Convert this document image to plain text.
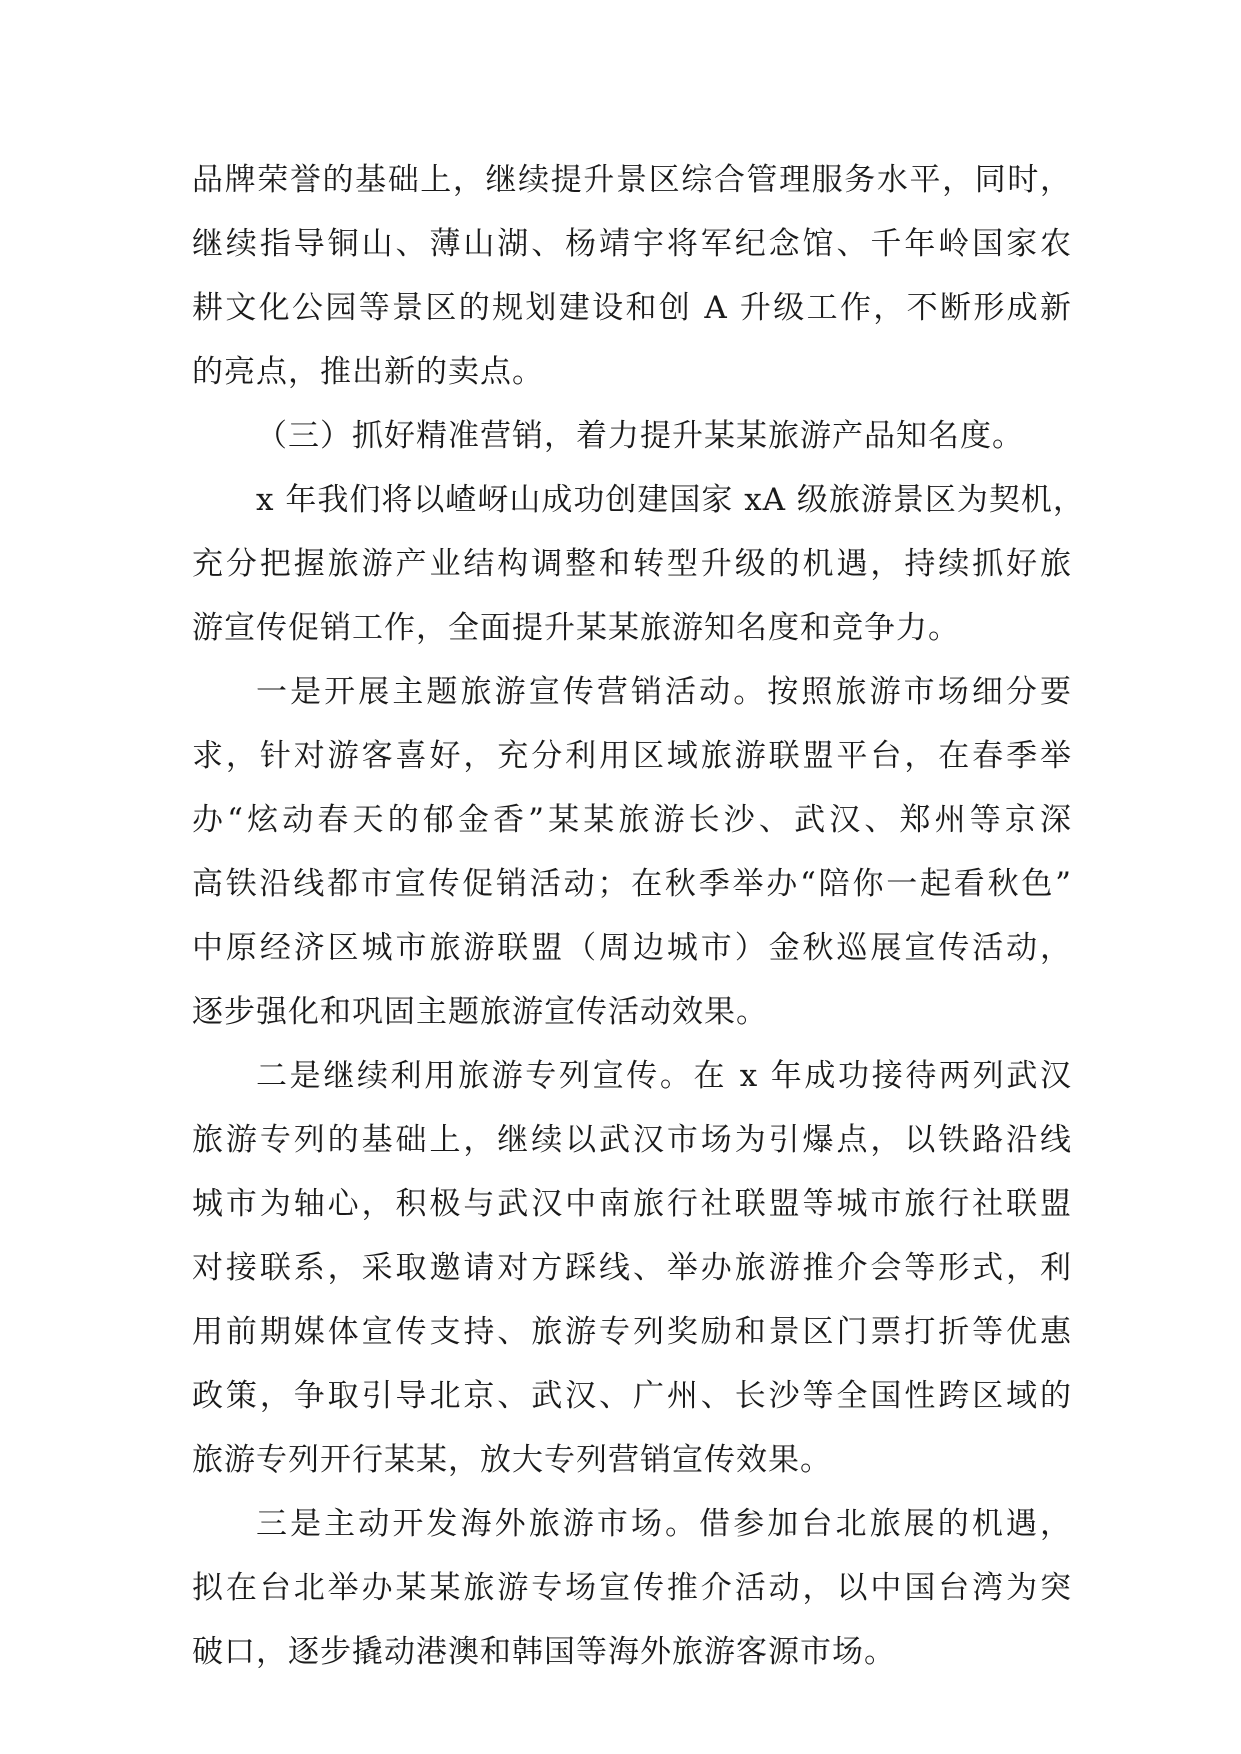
品牌荣誉的基础上，继续提升景区综合管理服务水平，同时，
继续指导铜山、薄山湖、杨靖宇将军纪念馆、千年岭国家农
耕文化公园等景区的规划建设和创 A 升级工作，不断形成新
的亮点，推出新的卖点。
（三）抓好精准营销，着力提升某某旅游产品知名度。
x 年我们将以嵖岈山成功创建国家 xA 级旅游景区为契机，
充分把握旅游产业结构调整和转型升级的机遇，持续抓好旅
游宣传促销工作，全面提升某某旅游知名度和竞争力。
一是开展主题旅游宣传营销活动。按照旅游市场细分要
求，针对游客喜好，充分利用区域旅游联盟平台，在春季举
办“炫动春天的郁金香”某某旅游长沙、武汉、郑州等京深
高铁沿线都市宣传促销活动；在秋季举办“陪你一起看秋色”
中原经济区城市旅游联盟（周边城市）金秋巡展宣传活动，
逐步强化和巩固主题旅游宣传活动效果。
二是继续利用旅游专列宣传。在 x 年成功接待两列武汉
旅游专列的基础上，继续以武汉市场为引爆点，以铁路沿线
城市为轴心，积极与武汉中南旅行社联盟等城市旅行社联盟
对接联系，采取邀请对方踩线、举办旅游推介会等形式，利
用前期媒体宣传支持、旅游专列奖励和景区门票打折等优惠
政策，争取引导北京、武汉、广州、长沙等全国性跨区域的
旅游专列开行某某，放大专列营销宣传效果。
三是主动开发海外旅游市场。借参加台北旅展的机遇，
拟在台北举办某某旅游专场宣传推介活动，以中国台湾为突
破口，逐步撬动港澳和韩国等海外旅游客源市场。
